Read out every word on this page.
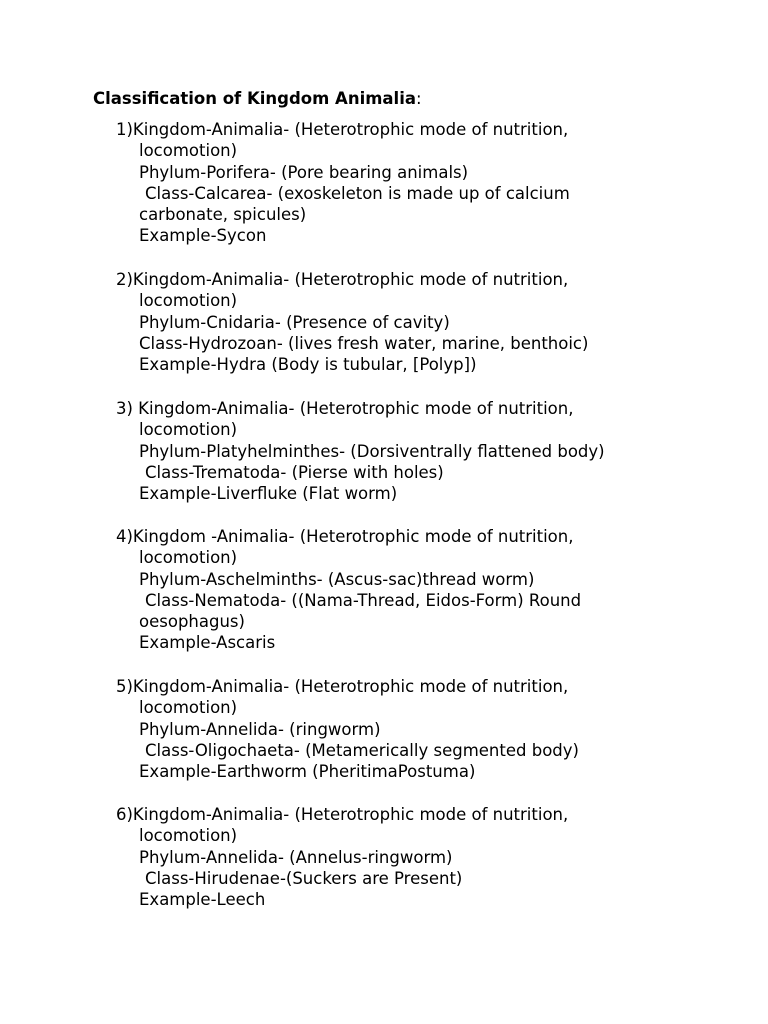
Classification of Kingdom Animalia:
1)Kingdom-Animalia- (Heterotrophic mode of nutrition,
locomotion)
Phylum-Porifera- (Pore bearing animals)
Class-Calcarea- (exoskeleton is made up of calcium
carbonate, spicules)
Example-Sycon
2)Kingdom-Animalia- (Heterotrophic mode of nutrition,
locomotion)
Phylum-Cnidaria- (Presence of cavity)
Class-Hydrozoan- (lives fresh water, marine, benthoic)
Example-Hydra (Body is tubular, [Polyp])
3) Kingdom-Animalia- (Heterotrophic mode of nutrition,
locomotion)
Phylum-Platyhelminthes- (Dorsiventrally flattened body)
Class-Trematoda- (Pierse with holes)
Example-Liverfluke (Flat worm)
4)Kingdom -Animalia- (Heterotrophic mode of nutrition,
locomotion)
Phylum-Aschelminths- (Ascus-sac)thread worm)
Class-Nematoda- ((Nama-Thread, Eidos-Form) Round
oesophagus)
Example-Ascaris
5)Kingdom-Animalia- (Heterotrophic mode of nutrition,
locomotion)
Phylum-Annelida- (ringworm)
Class-Oligochaeta- (Metamerically segmented body)
Example-Earthworm (PheritimaPostuma)
6)Kingdom-Animalia- (Heterotrophic mode of nutrition,
locomotion)
Phylum-Annelida- (Annelus-ringworm)
Class-Hirudenae-(Suckers are Present)
Example-Leech
